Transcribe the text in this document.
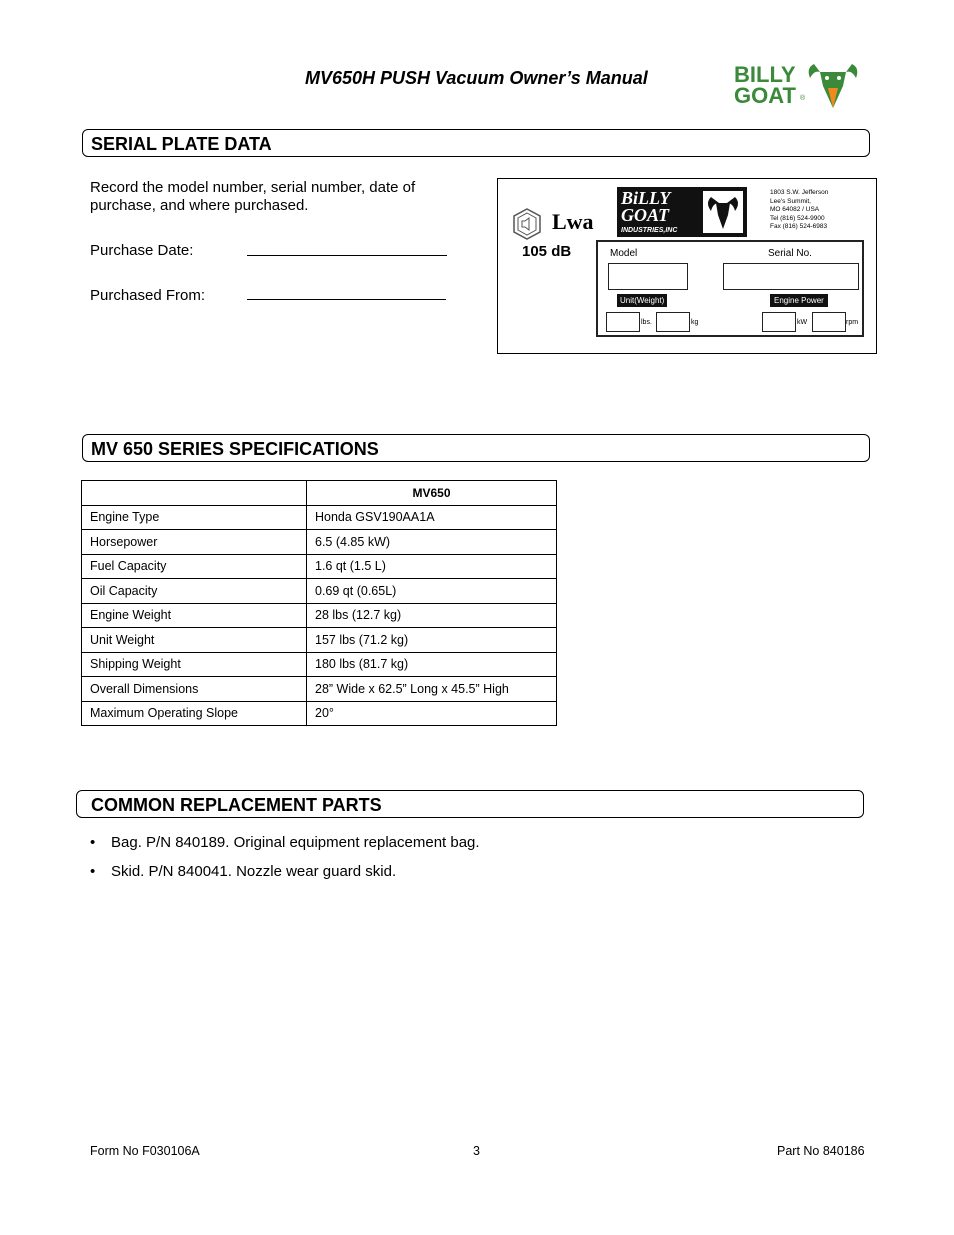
MV650H PUSH Vacuum Owner’s Manual	BILLY
GOAT ®
SERIAL PLATE DATA
Record the model number, serial number, date of purchase, and where purchased.
Purchase Date:
Purchased From:
Lwa
105 dB
BiLLY
GOAT
INDUSTRIES,INC
1803 S.W. Jefferson
Lee's Summit,
MO 64082 / USA
Tel (816) 524-9900
Fax (816) 524-6983
Model	Serial No.
Unit(Weight)	Engine Power
lbs.	kg	kW	rpm
MV 650 SERIES SPECIFICATIONS
	MV650
Engine Type	Honda GSV190AA1A
Horsepower	6.5 (4.85 kW)
Fuel Capacity	1.6 qt (1.5 L)
Oil Capacity	0.69 qt (0.65L)
Engine Weight	28 lbs (12.7 kg)
Unit Weight	157 lbs (71.2 kg)
Shipping Weight	180 lbs (81.7 kg)
Overall Dimensions	28” Wide x 62.5” Long x 45.5” High
Maximum Operating Slope	20°
COMMON REPLACEMENT PARTS
• Bag. P/N 840189. Original equipment replacement bag.
• Skid. P/N 840041. Nozzle wear guard skid.
Form No F030106A	3	Part No 840186
